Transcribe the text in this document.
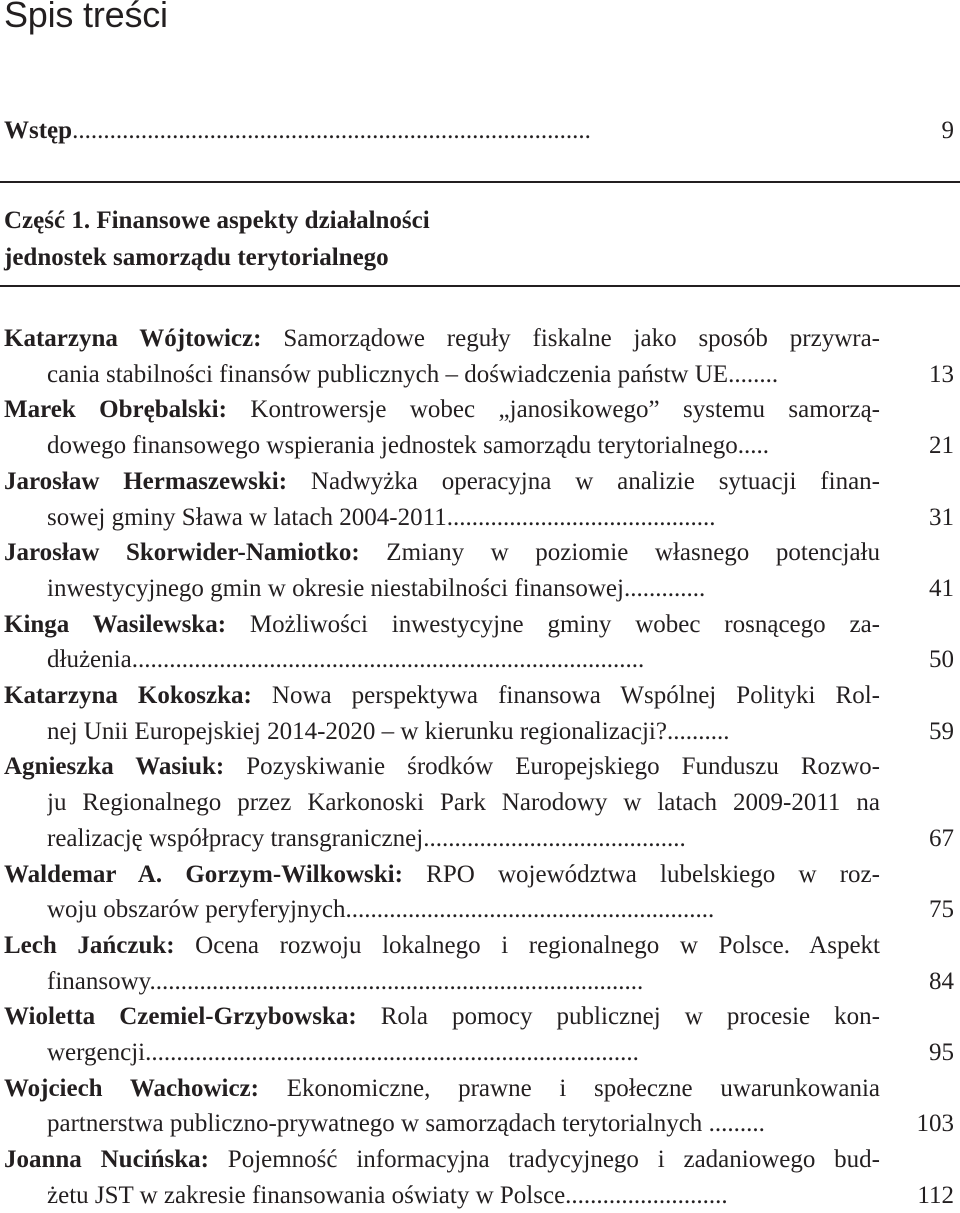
Spis treści
Wstęp...................................................................................	9
Część 1. Finansowe aspekty działalności
jednostek samorządu terytorialnego
Katarzyna Wójtowicz: Samorządowe reguły fiskalne jako sposób przywra-
cania stabilności finansów publicznych – doświadczenia państw UE........	13
Marek Obrębalski: Kontrowersje wobec „janosikowego” systemu samorzą-
dowego finansowego wspierania jednostek samorządu terytorialnego.....	21
Jarosław Hermaszewski: Nadwyżka operacyjna w analizie sytuacji finan-
sowej gminy Sława w latach 2004-2011...........................................	31
Jarosław Skorwider-Namiotko: Zmiany w poziomie własnego potencjału
inwestycyjnego gmin w okresie niestabilności finansowej.............	41
Kinga Wasilewska: Możliwości inwestycyjne gminy wobec rosnącego za-
dłużenia..................................................................................	50
Katarzyna Kokoszka: Nowa perspektywa finansowa Wspólnej Polityki Rol-
nej Unii Europejskiej 2014-2020 – w kierunku regionalizacji?..........	59
Agnieszka Wasiuk: Pozyskiwanie środków Europejskiego Funduszu Rozwo-
ju Regionalnego przez Karkonoski Park Narodowy w latach 2009-2011 na
realizację współpracy transgranicznej..........................................	67
Waldemar A. Gorzym-Wilkowski: RPO województwa lubelskiego w roz-
woju obszarów peryferyjnych...........................................................	75
Lech Jańczuk: Ocena rozwoju lokalnego i regionalnego w Polsce. Aspekt
finansowy...............................................................................	84
Wioletta Czemiel-Grzybowska: Rola pomocy publicznej w procesie kon-
wergencji...............................................................................	95
Wojciech Wachowicz: Ekonomiczne, prawne i społeczne uwarunkowania
partnerstwa publiczno-prywatnego w samorządach terytorialnych .........	103
Joanna Nucińska: Pojemność informacyjna tradycyjnego i zadaniowego bud-
żetu JST w zakresie finansowania oświaty w Polsce..........................	112
